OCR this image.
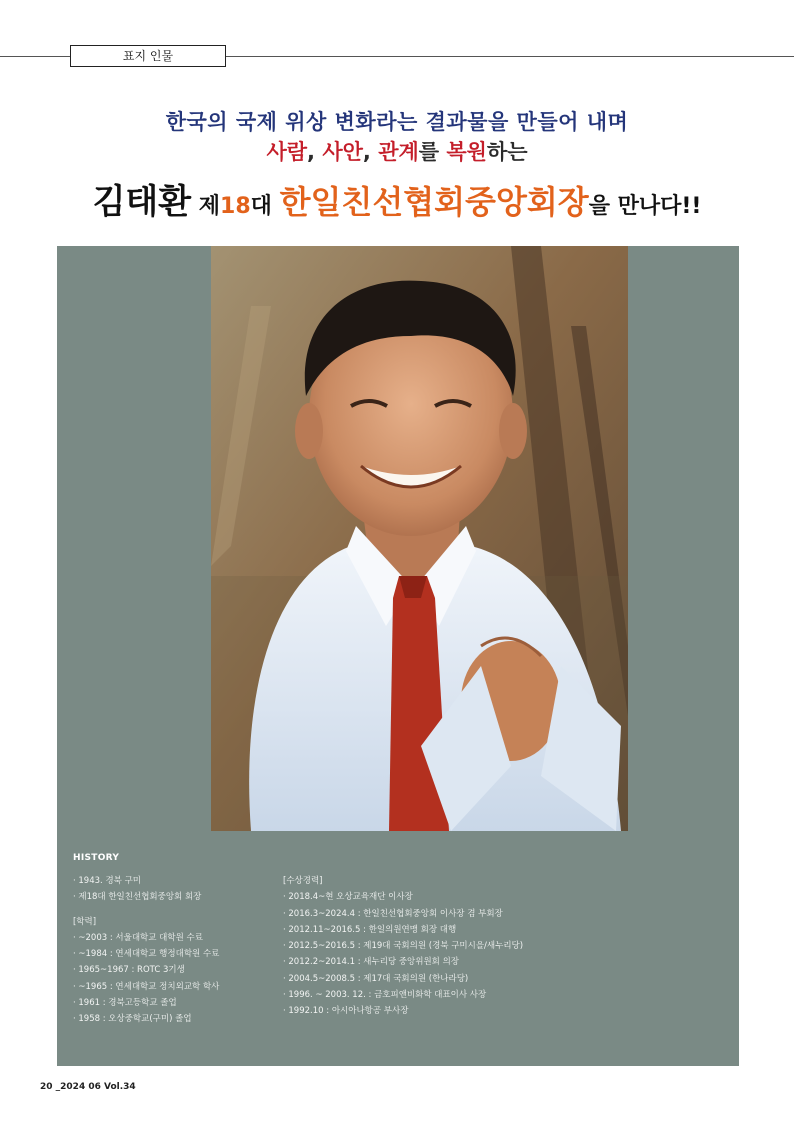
표지 인물
한국의 국제 위상 변화라는 결과물을 만들어 내며
사람, 사안, 관계를 복원하는
김태환 제18대 한일친선협회중앙회장을 만나다!!
HISTORY
· 1943. 경북 구미
· 제18대 한일친선협회중앙회 회장
[학력]
· ~2003 : 서울대학교 대학원 수료
· ~1984 : 연세대학교 행정대학원 수료
· 1965~1967 : ROTC 3기생
· ~1965 : 연세대학교 정치외교학 학사
· 1961 : 경북고등학교 졸업
· 1958 : 오상중학교(구미) 졸업
[수상경력]
· 2018.4~현 오상교육재단 이사장
· 2016.3~2024.4 : 한일친선협회중앙회 이사장 겸 부회장
· 2012.11~2016.5 : 한일의원연맹 회장 대행
· 2012.5~2016.5 : 제19대 국회의원 (경북 구미시을/새누리당)
· 2012.2~2014.1 : 새누리당 중앙위원회 의장
· 2004.5~2008.5 : 제17대 국회의원 (한나라당)
· 1996. ~ 2003. 12. : 금호피앤비화학 대표이사 사장
· 1992.10 : 아시아나항공 부사장
20 _2024 06 Vol.34
